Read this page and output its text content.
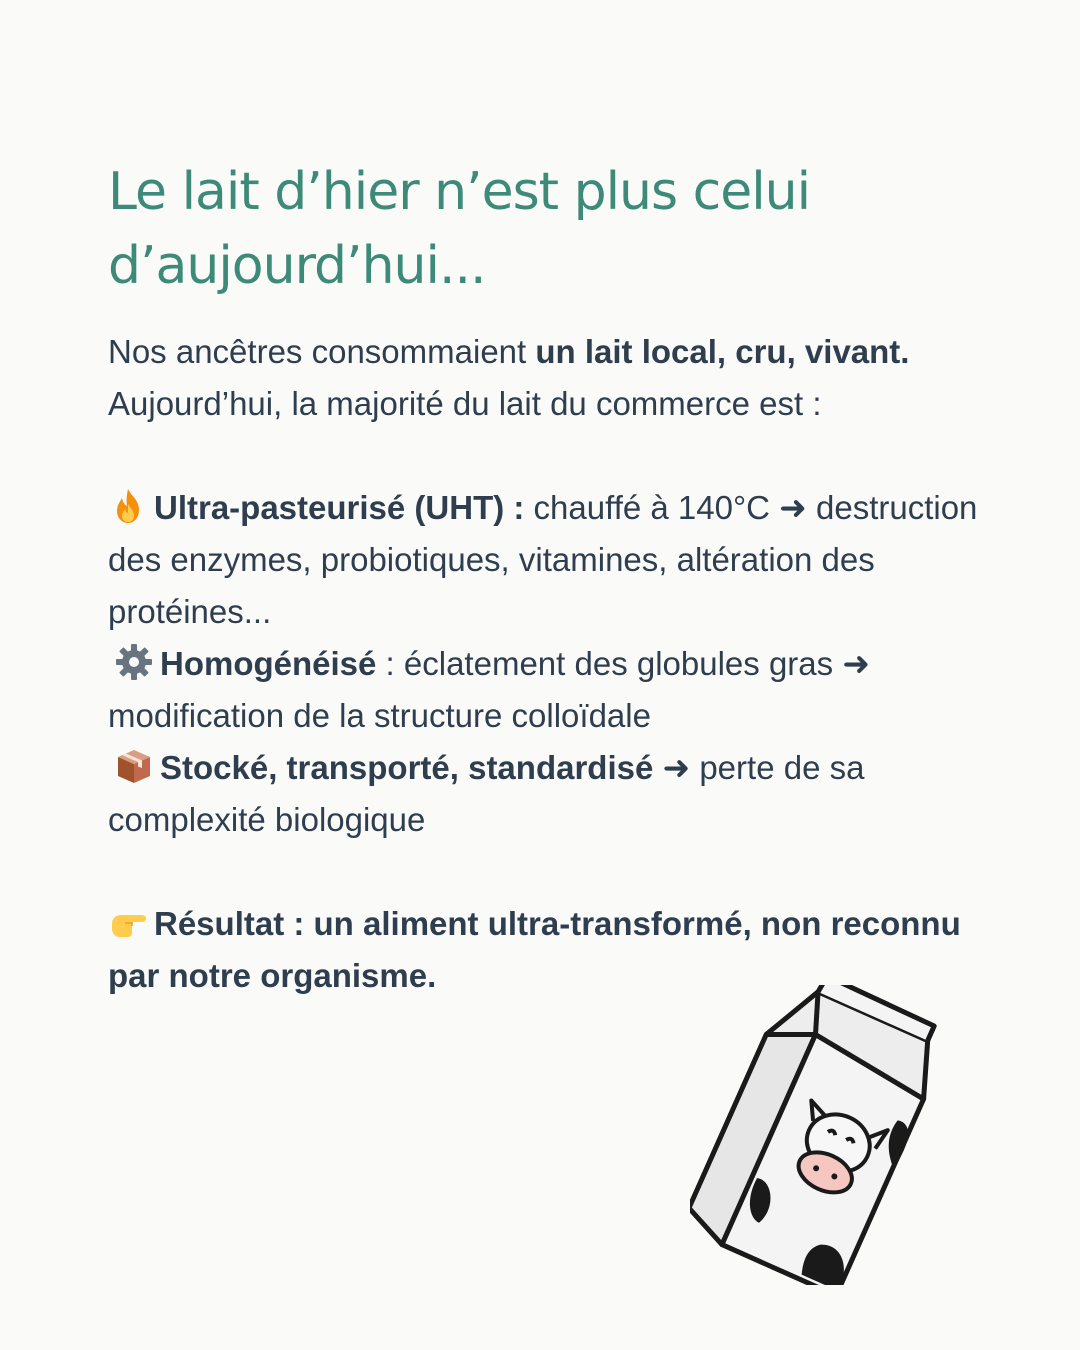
Le lait d’hier n’est plus celui d’aujourd’hui...

Nos ancêtres consommaient un lait local, cru, vivant.

Aujourd’hui, la majorité du lait du commerce est :

Ultra-pasteurisé (UHT) : chauffé à 140°C ➜ destruction des enzymes, probiotiques, vitamines, altération des protéines...

Homogénéisé : éclatement des globules gras ➜ modification de la structure colloïdale

Stocké, transporté, standardisé ➜ perte de sa complexité biologique

Résultat : un aliment ultra-transformé, non reconnu par notre organisme.
